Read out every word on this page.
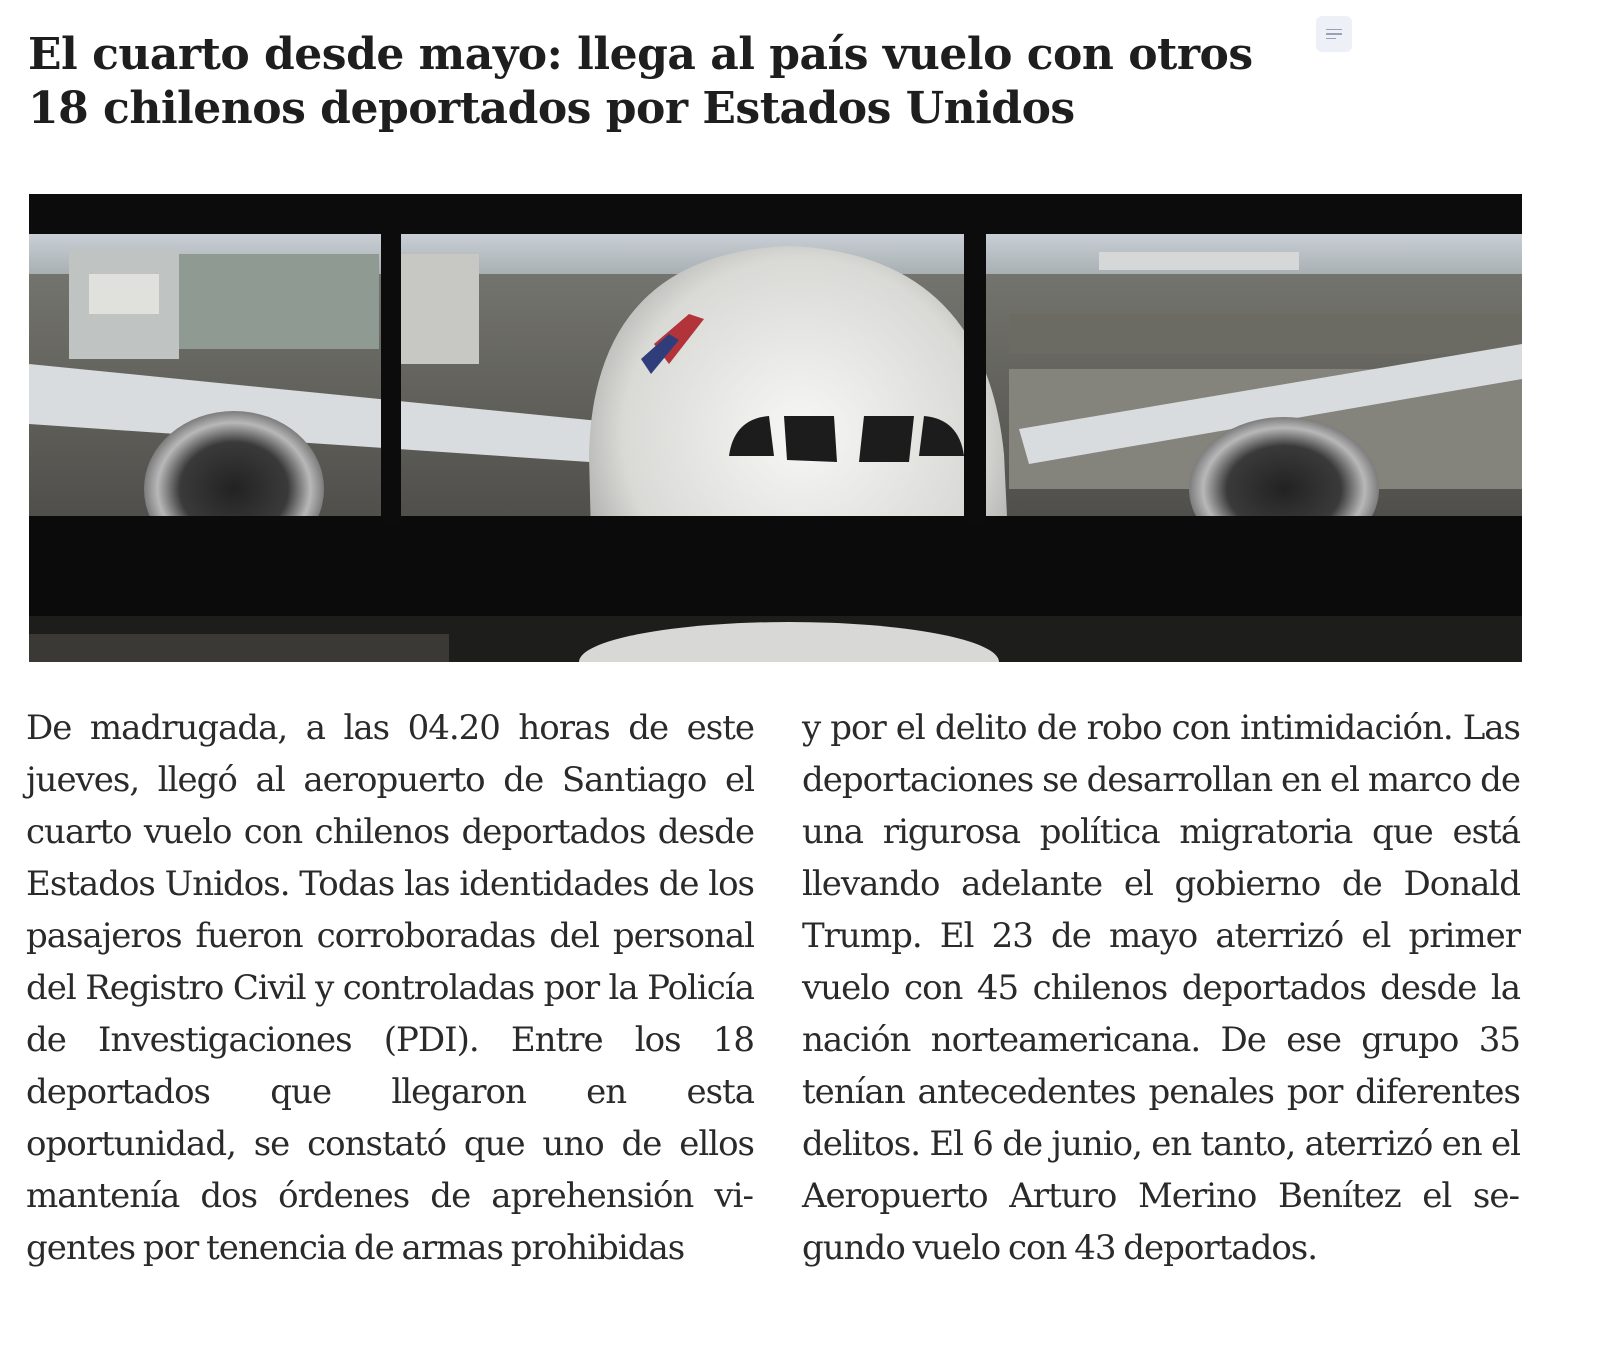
El cuarto desde mayo: llega al país vuelo con otros 18 chilenos deportados por Estados Unidos

De madrugada, a las 04.20 horas de este jueves, llegó al aeropuerto de Santiago el cuarto vuelo con chilenos deportados desde Estados Unidos. Todas las identidades de los pasajeros fueron corroboradas del personal del Registro Civil y controladas por la Policía de Investigaciones (PDI). Entre los 18 deportados que llegaron en esta oportunidad, se constató que uno de ellos mantenía dos órdenes de aprehensión vigentes por tenencia de armas prohibidas

y por el delito de robo con intimidación. Las deportaciones se desarrollan en el marco de una rigurosa política migratoria que está llevando adelante el gobierno de Donald Trump. El 23 de mayo aterrizó el primer vuelo con 45 chilenos deportados desde la nación norteamericana. De ese grupo 35 tenían antecedentes penales por diferentes delitos. El 6 de junio, en tanto, aterrizó en el Aeropuerto Arturo Merino Benítez el segundo vuelo con 43 deportados.
